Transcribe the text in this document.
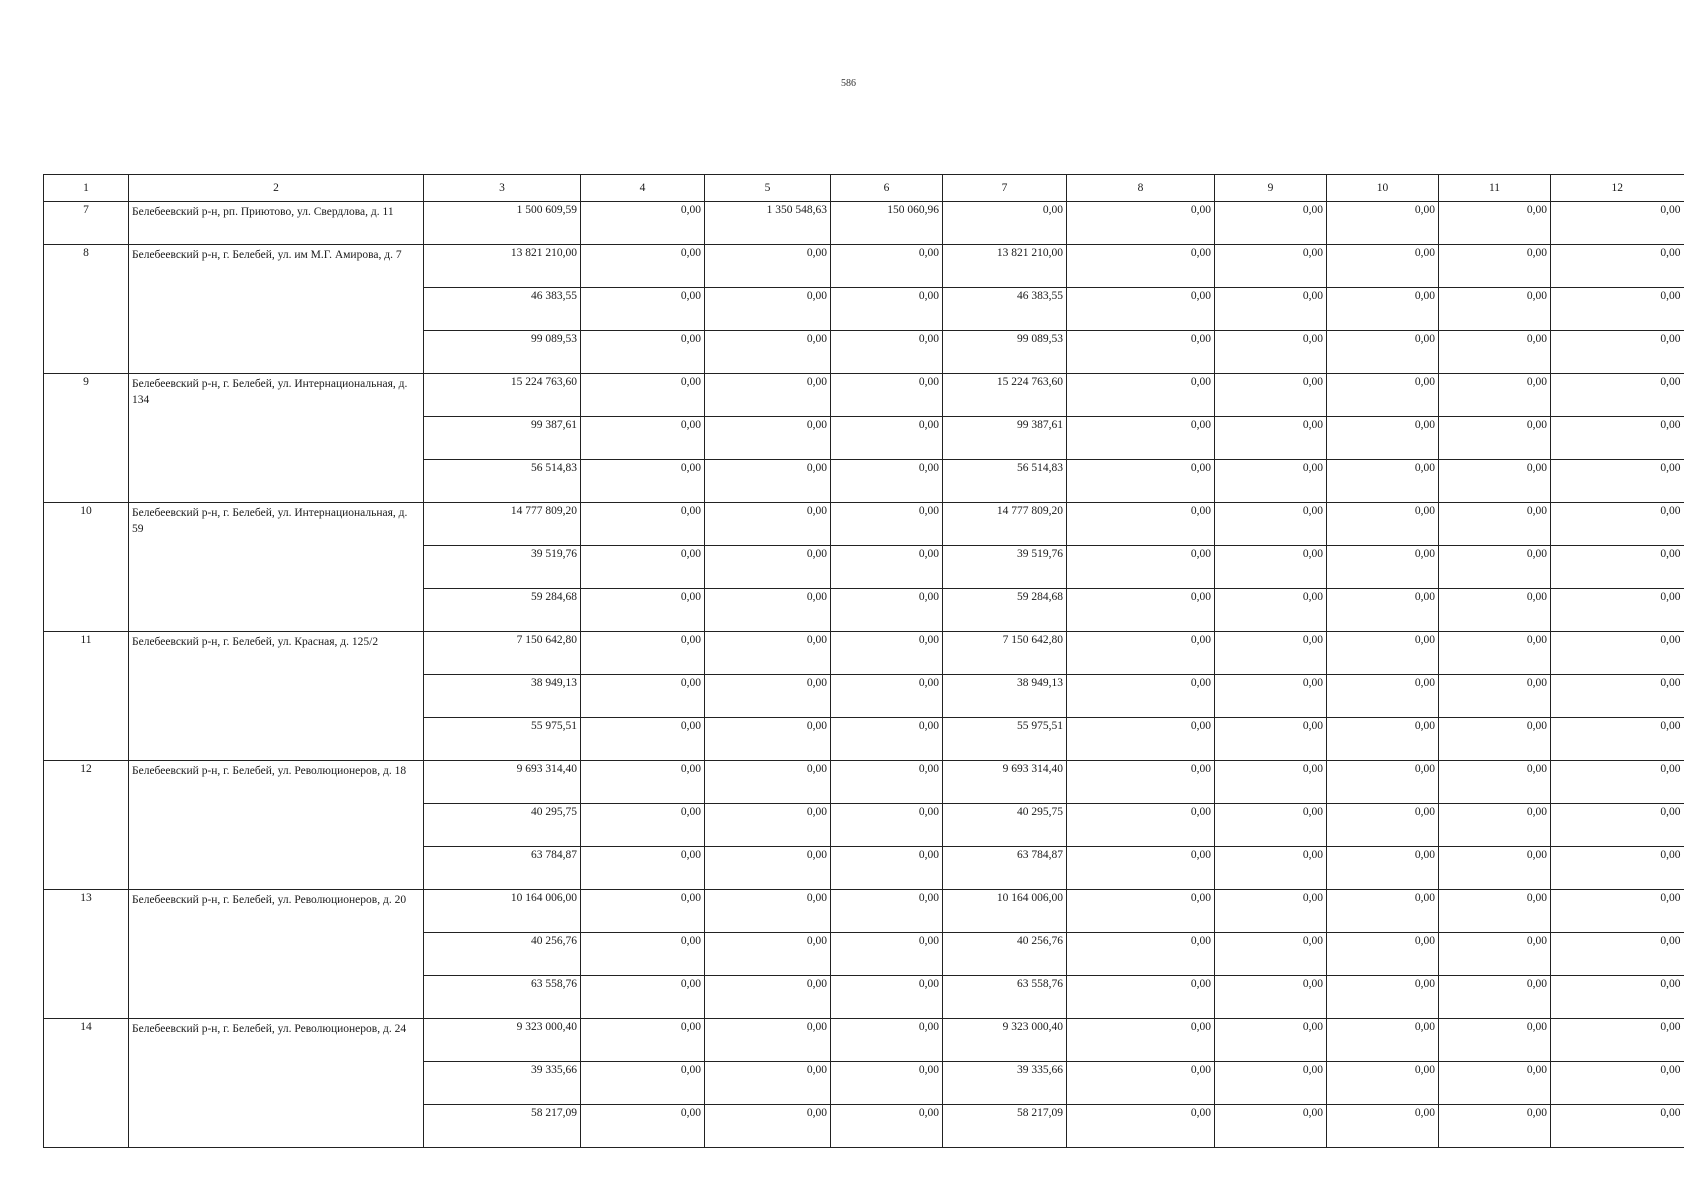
586
1	2	3	4	5	6	7	8	9	10	11	12
7	Белебеевский р-н, рп. Приютово, ул. Свердлова, д. 11	1 500 609,59	0,00	1 350 548,63	150 060,96	0,00	0,00	0,00	0,00	0,00	0,00
8	Белебеевский р-н, г. Белебей, ул. им М.Г. Амирова, д. 7	13 821 210,00	0,00	0,00	0,00	13 821 210,00	0,00	0,00	0,00	0,00	0,00
		46 383,55	0,00	0,00	0,00	46 383,55	0,00	0,00	0,00	0,00	0,00
		99 089,53	0,00	0,00	0,00	99 089,53	0,00	0,00	0,00	0,00	0,00
9	Белебеевский р-н, г. Белебей, ул. Интернациональная, д. 134	15 224 763,60	0,00	0,00	0,00	15 224 763,60	0,00	0,00	0,00	0,00	0,00
		99 387,61	0,00	0,00	0,00	99 387,61	0,00	0,00	0,00	0,00	0,00
		56 514,83	0,00	0,00	0,00	56 514,83	0,00	0,00	0,00	0,00	0,00
10	Белебеевский р-н, г. Белебей, ул. Интернациональная, д. 59	14 777 809,20	0,00	0,00	0,00	14 777 809,20	0,00	0,00	0,00	0,00	0,00
		39 519,76	0,00	0,00	0,00	39 519,76	0,00	0,00	0,00	0,00	0,00
		59 284,68	0,00	0,00	0,00	59 284,68	0,00	0,00	0,00	0,00	0,00
11	Белебеевский р-н, г. Белебей, ул. Красная, д. 125/2	7 150 642,80	0,00	0,00	0,00	7 150 642,80	0,00	0,00	0,00	0,00	0,00
		38 949,13	0,00	0,00	0,00	38 949,13	0,00	0,00	0,00	0,00	0,00
		55 975,51	0,00	0,00	0,00	55 975,51	0,00	0,00	0,00	0,00	0,00
12	Белебеевский р-н, г. Белебей, ул. Революционеров, д. 18	9 693 314,40	0,00	0,00	0,00	9 693 314,40	0,00	0,00	0,00	0,00	0,00
		40 295,75	0,00	0,00	0,00	40 295,75	0,00	0,00	0,00	0,00	0,00
		63 784,87	0,00	0,00	0,00	63 784,87	0,00	0,00	0,00	0,00	0,00
13	Белебеевский р-н, г. Белебей, ул. Революционеров, д. 20	10 164 006,00	0,00	0,00	0,00	10 164 006,00	0,00	0,00	0,00	0,00	0,00
		40 256,76	0,00	0,00	0,00	40 256,76	0,00	0,00	0,00	0,00	0,00
		63 558,76	0,00	0,00	0,00	63 558,76	0,00	0,00	0,00	0,00	0,00
14	Белебеевский р-н, г. Белебей, ул. Революционеров, д. 24	9 323 000,40	0,00	0,00	0,00	9 323 000,40	0,00	0,00	0,00	0,00	0,00
		39 335,66	0,00	0,00	0,00	39 335,66	0,00	0,00	0,00	0,00	0,00
		58 217,09	0,00	0,00	0,00	58 217,09	0,00	0,00	0,00	0,00	0,00
